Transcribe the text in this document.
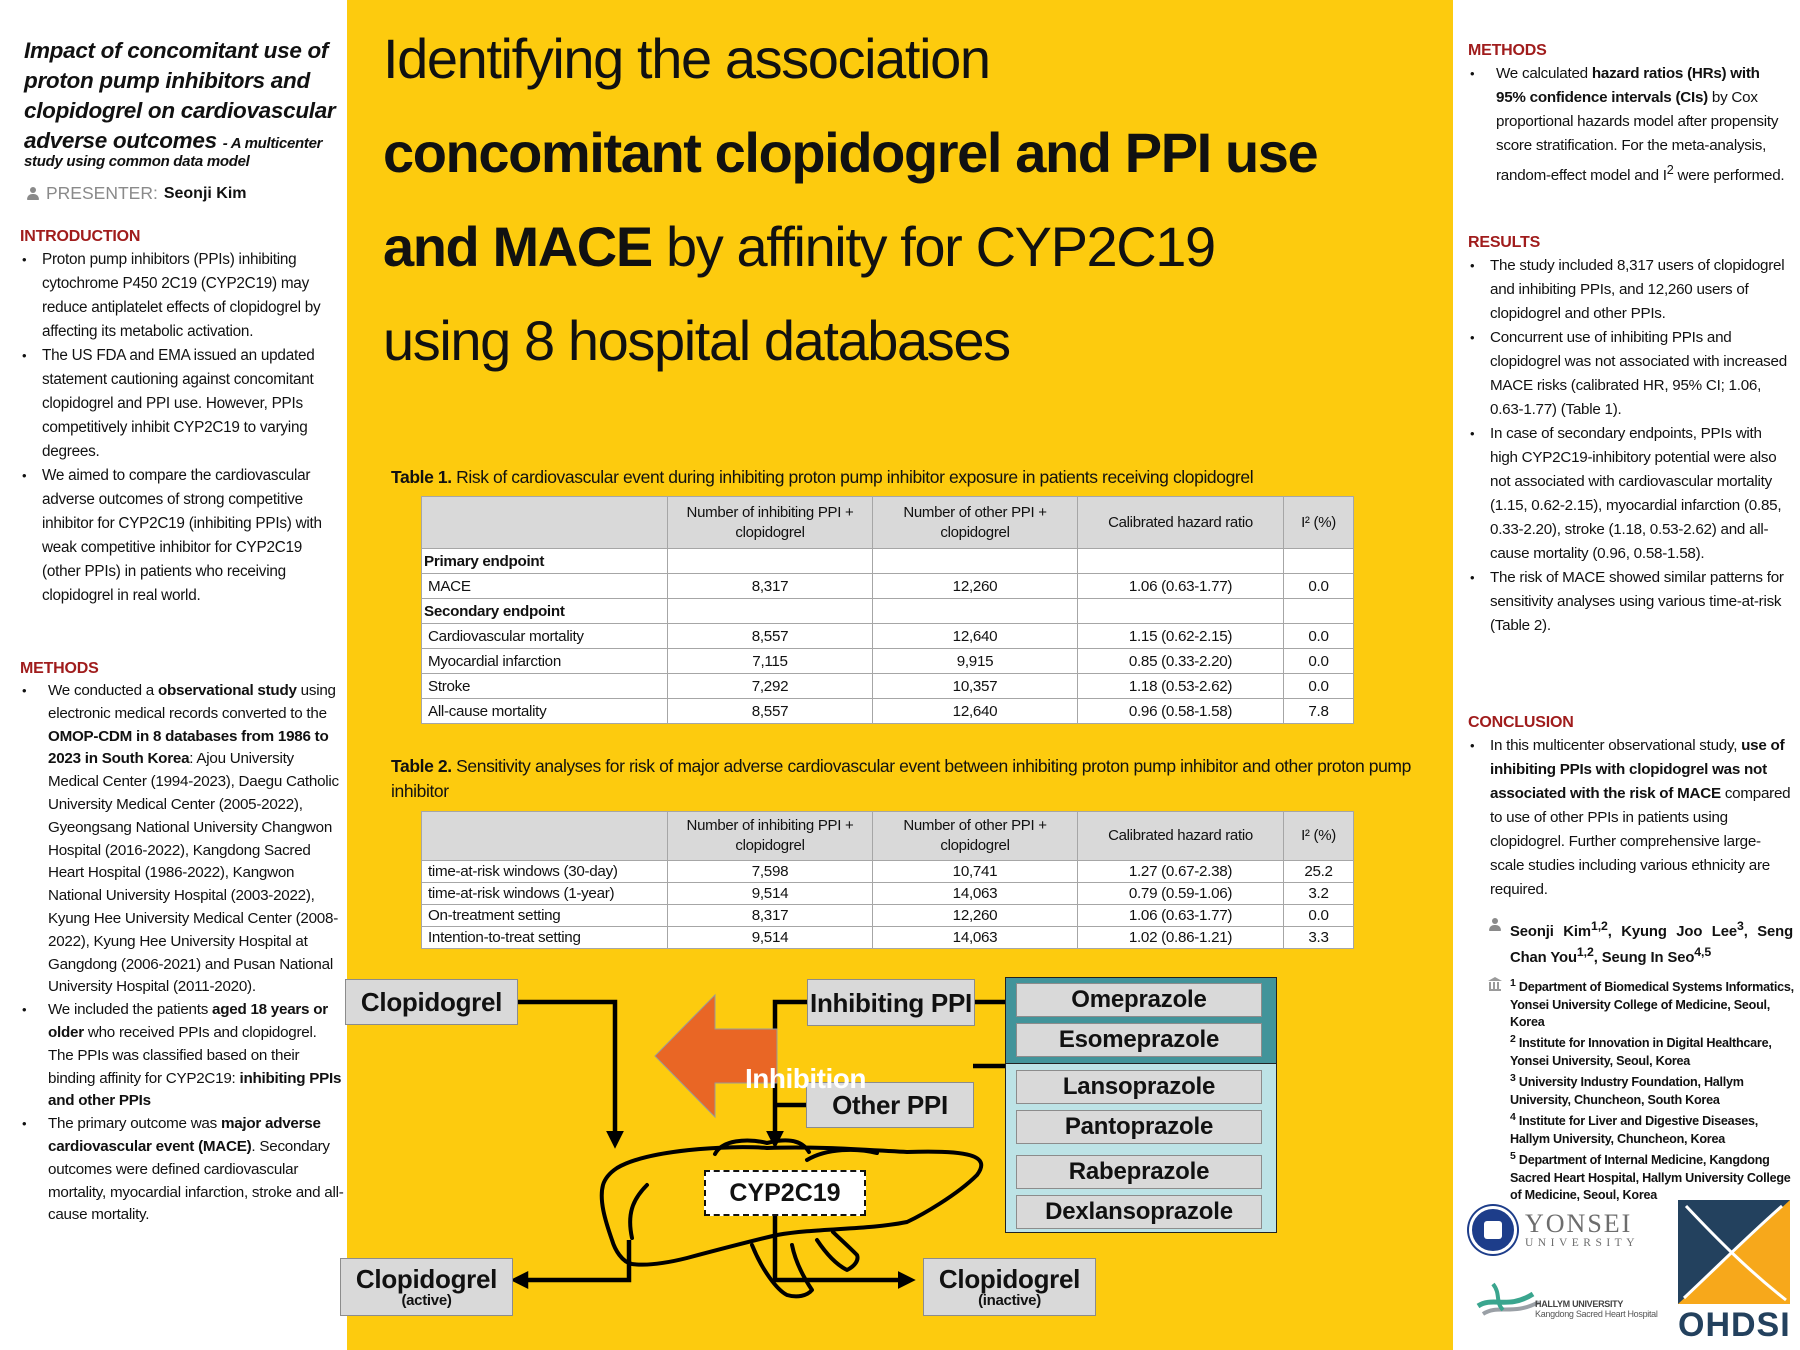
Impact of concomitant use of proton pump inhibitors and clopidogrel on cardiovascular adverse outcomes - A multicenter
study using common data model
PRESENTER: Seonji Kim
INTRODUCTION
• Proton pump inhibitors (PPIs) inhibiting cytochrome P450 2C19 (CYP2C19) may reduce antiplatelet effects of clopidogrel by affecting its metabolic activation.
• The US FDA and EMA issued an updated statement cautioning against concomitant clopidogrel and PPI use. However, PPIs competitively inhibit CYP2C19 to varying degrees.
• We aimed to compare the cardiovascular adverse outcomes of strong competitive inhibitor for CYP2C19 (inhibiting PPIs) with weak competitive inhibitor for CYP2C19 (other PPIs) in patients who receiving clopidogrel in real world.
METHODS
• We conducted a observational study using electronic medical records converted to the OMOP-CDM in 8 databases from 1986 to 2023 in South Korea: Ajou University Medical Center (1994-2023), Daegu Catholic University Medical Center (2005-2022), Gyeongsang National University Changwon Hospital (2016-2022), Kangdong Sacred Heart Hospital (1986-2022), Kangwon National University Hospital (2003-2022), Kyung Hee University Medical Center (2008-2022), Kyung Hee University Hospital at Gangdong (2006-2021) and Pusan National University Hospital (2011-2020).
• We included the patients aged 18 years or older who received PPIs and clopidogrel. The PPIs was classified based on their binding affinity for CYP2C19: inhibiting PPIs and other PPIs
• The primary outcome was major adverse cardiovascular event (MACE). Secondary outcomes were defined cardiovascular mortality, myocardial infarction, stroke and all-cause mortality.
Identifying the association
concomitant clopidogrel and PPI use
and MACE by affinity for CYP2C19
using 8 hospital databases
Table 1. Risk of cardiovascular event during inhibiting proton pump inhibitor exposure in patients receiving clopidogrel
	Number of inhibiting PPI + clopidogrel	Number of other PPI + clopidogrel	Calibrated hazard ratio	I² (%)
Primary endpoint				
MACE	8,317	12,260	1.06 (0.63-1.77)	0.0
Secondary endpoint				
Cardiovascular mortality	8,557	12,640	1.15 (0.62-2.15)	0.0
Myocardial infarction	7,115	9,915	0.85 (0.33-2.20)	0.0
Stroke	7,292	10,357	1.18 (0.53-2.62)	0.0
All-cause mortality	8,557	12,640	0.96 (0.58-1.58)	7.8
Table 2. Sensitivity analyses for risk of major adverse cardiovascular event between inhibiting proton pump inhibitor and other proton pump inhibitor
	Number of inhibiting PPI + clopidogrel	Number of other PPI + clopidogrel	Calibrated hazard ratio	I² (%)
time-at-risk windows (30-day)	7,598	10,741	1.27 (0.67-2.38)	25.2
time-at-risk windows (1-year)	9,514	14,063	0.79 (0.59-1.06)	3.2
On-treatment setting	8,317	12,260	1.06 (0.63-1.77)	0.0
Intention-to-treat setting	9,514	14,063	1.02 (0.86-1.21)	3.3
Clopidogrel	Inhibiting PPI
Other PPI
Inhibition
CYP2C19
Clopidogrel
(active)
Clopidogrel
(inactive)
Omeprazole
Esomeprazole
Lansoprazole
Pantoprazole
Rabeprazole
Dexlansoprazole
METHODS
• We calculated hazard ratios (HRs) with 95% confidence intervals (CIs) by Cox proportional hazards model after propensity score stratification. For the meta-analysis, random-effect model and $I^2$ were performed.
RESULTS
• The study included 8,317 users of clopidogrel and inhibiting PPIs, and 12,260 users of clopidogrel and other PPIs.
• Concurrent use of inhibiting PPIs and clopidogrel was not associated with increased MACE risks (calibrated HR, 95% CI; 1.06, 0.63-1.77) (Table 1).
• In case of secondary endpoints, PPIs with high CYP2C19-inhibitory potential were also not associated with cardiovascular mortality (1.15, 0.62-2.15), myocardial infarction (0.85, 0.33-2.20), stroke (1.18, 0.53-2.62) and all-cause mortality (0.96, 0.58-1.58).
• The risk of MACE showed similar patterns for sensitivity analyses using various time-at-risk (Table 2).
CONCLUSION
• In this multicenter observational study, use of inhibiting PPIs with clopidogrel was not associated with the risk of MACE compared to use of other PPIs in patients using clopidogrel. Further comprehensive large-scale studies including various ethnicity are required.
Seonji Kim$^{1,2}$, Kyung Joo Lee$^3$, Seng Chan You$^{1,2}$, Seung In Seo$^{4,5}$
$^1$ Department of Biomedical Systems Informatics, Yonsei University College of Medicine, Seoul, Korea
$^2$ Institute for Innovation in Digital Healthcare, Yonsei University, Seoul, Korea
$^3$ University Industry Foundation, Hallym University, Chuncheon, South Korea
$^4$ Institute for Liver and Digestive Diseases, Hallym University, Chuncheon, Korea
$^5$ Department of Internal Medicine, Kangdong Sacred Heart Hospital, Hallym University College of Medicine, Seoul, Korea
YONSEI
UNIVERSITY
HALLYM UNIVERSITY
Kangdong Sacred Heart Hospital OHDSI
